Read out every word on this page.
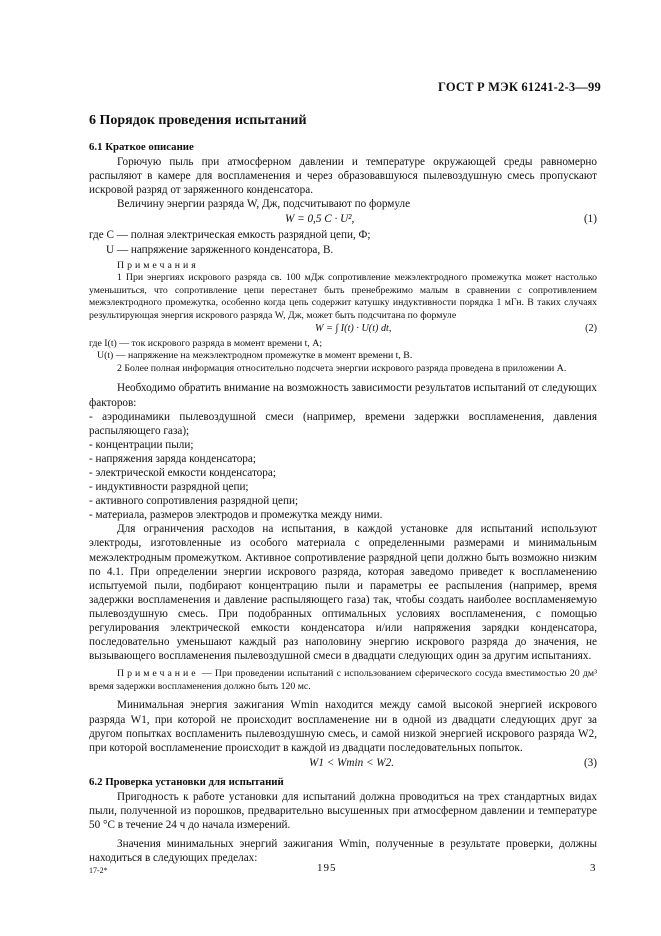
ГОСТ Р МЭК 61241-2-3—99
6 Порядок проведения испытаний
6.1 Краткое описание

Горючую пыль при атмосферном давлении и температуре окружающей среды равномерно распыляют в камере для воспламенения и через образовавшуюся пылевоздушную смесь пропускают искровой разряд от заряженного конденсатора.

Величину энергии разряда W, Дж, подсчитывают по формуле

W = 0,5 C · U²,	(1)

где C — полная электрическая емкость разрядной цепи, Ф;

U — напряжение заряженного конденсатора, В.

Примечания

1 При энергиях искрового разряда св. 100 мДж сопротивление межэлектродного промежутка может настолько уменьшиться, что сопротивление цепи перестанет быть пренебрежимо малым в сравнении с сопротивлением межэлектродного промежутка, особенно когда цепь содержит катушку индуктивности порядка 1 мГн. В таких случаях результирующая энергия искрового разряда W, Дж, может быть подсчитана по формуле

W = ∫ I(t) · U(t) dt,	(2)

где I(t) — ток искрового разряда в момент времени t, А;

U(t) — напряжение на межэлектродном промежутке в момент времени t, В.

2 Более полная информация относительно подсчета энергии искрового разряда проведена в приложении А.

Необходимо обратить внимание на возможность зависимости результатов испытаний от следующих факторов:

- аэродинамики пылевоздушной смеси (например, времени задержки воспламенения, давления распыляющего газа);

- концентрации пыли;

- напряжения заряда конденсатора;

- электрической емкости конденсатора;

- индуктивности разрядной цепи;

- активного сопротивления разрядной цепи;

- материала, размеров электродов и промежутка между ними.

Для ограничения расходов на испытания, в каждой установке для испытаний используют электроды, изготовленные из особого материала с определенными размерами и минимальным межэлектродным промежутком. Активное сопротивление разрядной цепи должно быть возможно низким по 4.1. При определении энергии искрового разряда, которая заведомо приведет к воспламенению испытуемой пыли, подбирают концентрацию пыли и параметры ее распыления (например, время задержки воспламенения и давление распыляющего газа) так, чтобы создать наиболее воспламеняемую пылевоздушную смесь. При подобранных оптимальных условиях воспламенения, с помощью регулирования электрической емкости конденсатора и/или напряжения зарядки конденсатора, последовательно уменьшают каждый раз наполовину энергию искрового разряда до значения, не вызывающего воспламенения пылевоздушной смеси в двадцати следующих один за другим испытаниях.

Примечание — При проведении испытаний с использованием сферического сосуда вместимостью 20 дм³ время задержки воспламенения должно быть 120 мс.

Минимальная энергия зажигания Wmin находится между самой высокой энергией искрового разряда W1, при которой не происходит воспламенение ни в одной из двадцати следующих друг за другом попытках воспламенить пылевоздушную смесь, и самой низкой энергией искрового разряда W2, при которой воспламенение происходит в каждой из двадцати последовательных попыток.

W1 < Wmin < W2.	(3)
6.2 Проверка установки для испытаний

Пригодность к работе установки для испытаний должна проводиться на трех стандартных видах пыли, полученной из порошков, предварительно высушенных при атмосферном давлении и температуре 50 °С в течение 24 ч до начала измерений.

Значения минимальных энергий зажигания Wmin, полученные в результате проверки, должны находиться в следующих пределах:

17-2*	195	3
